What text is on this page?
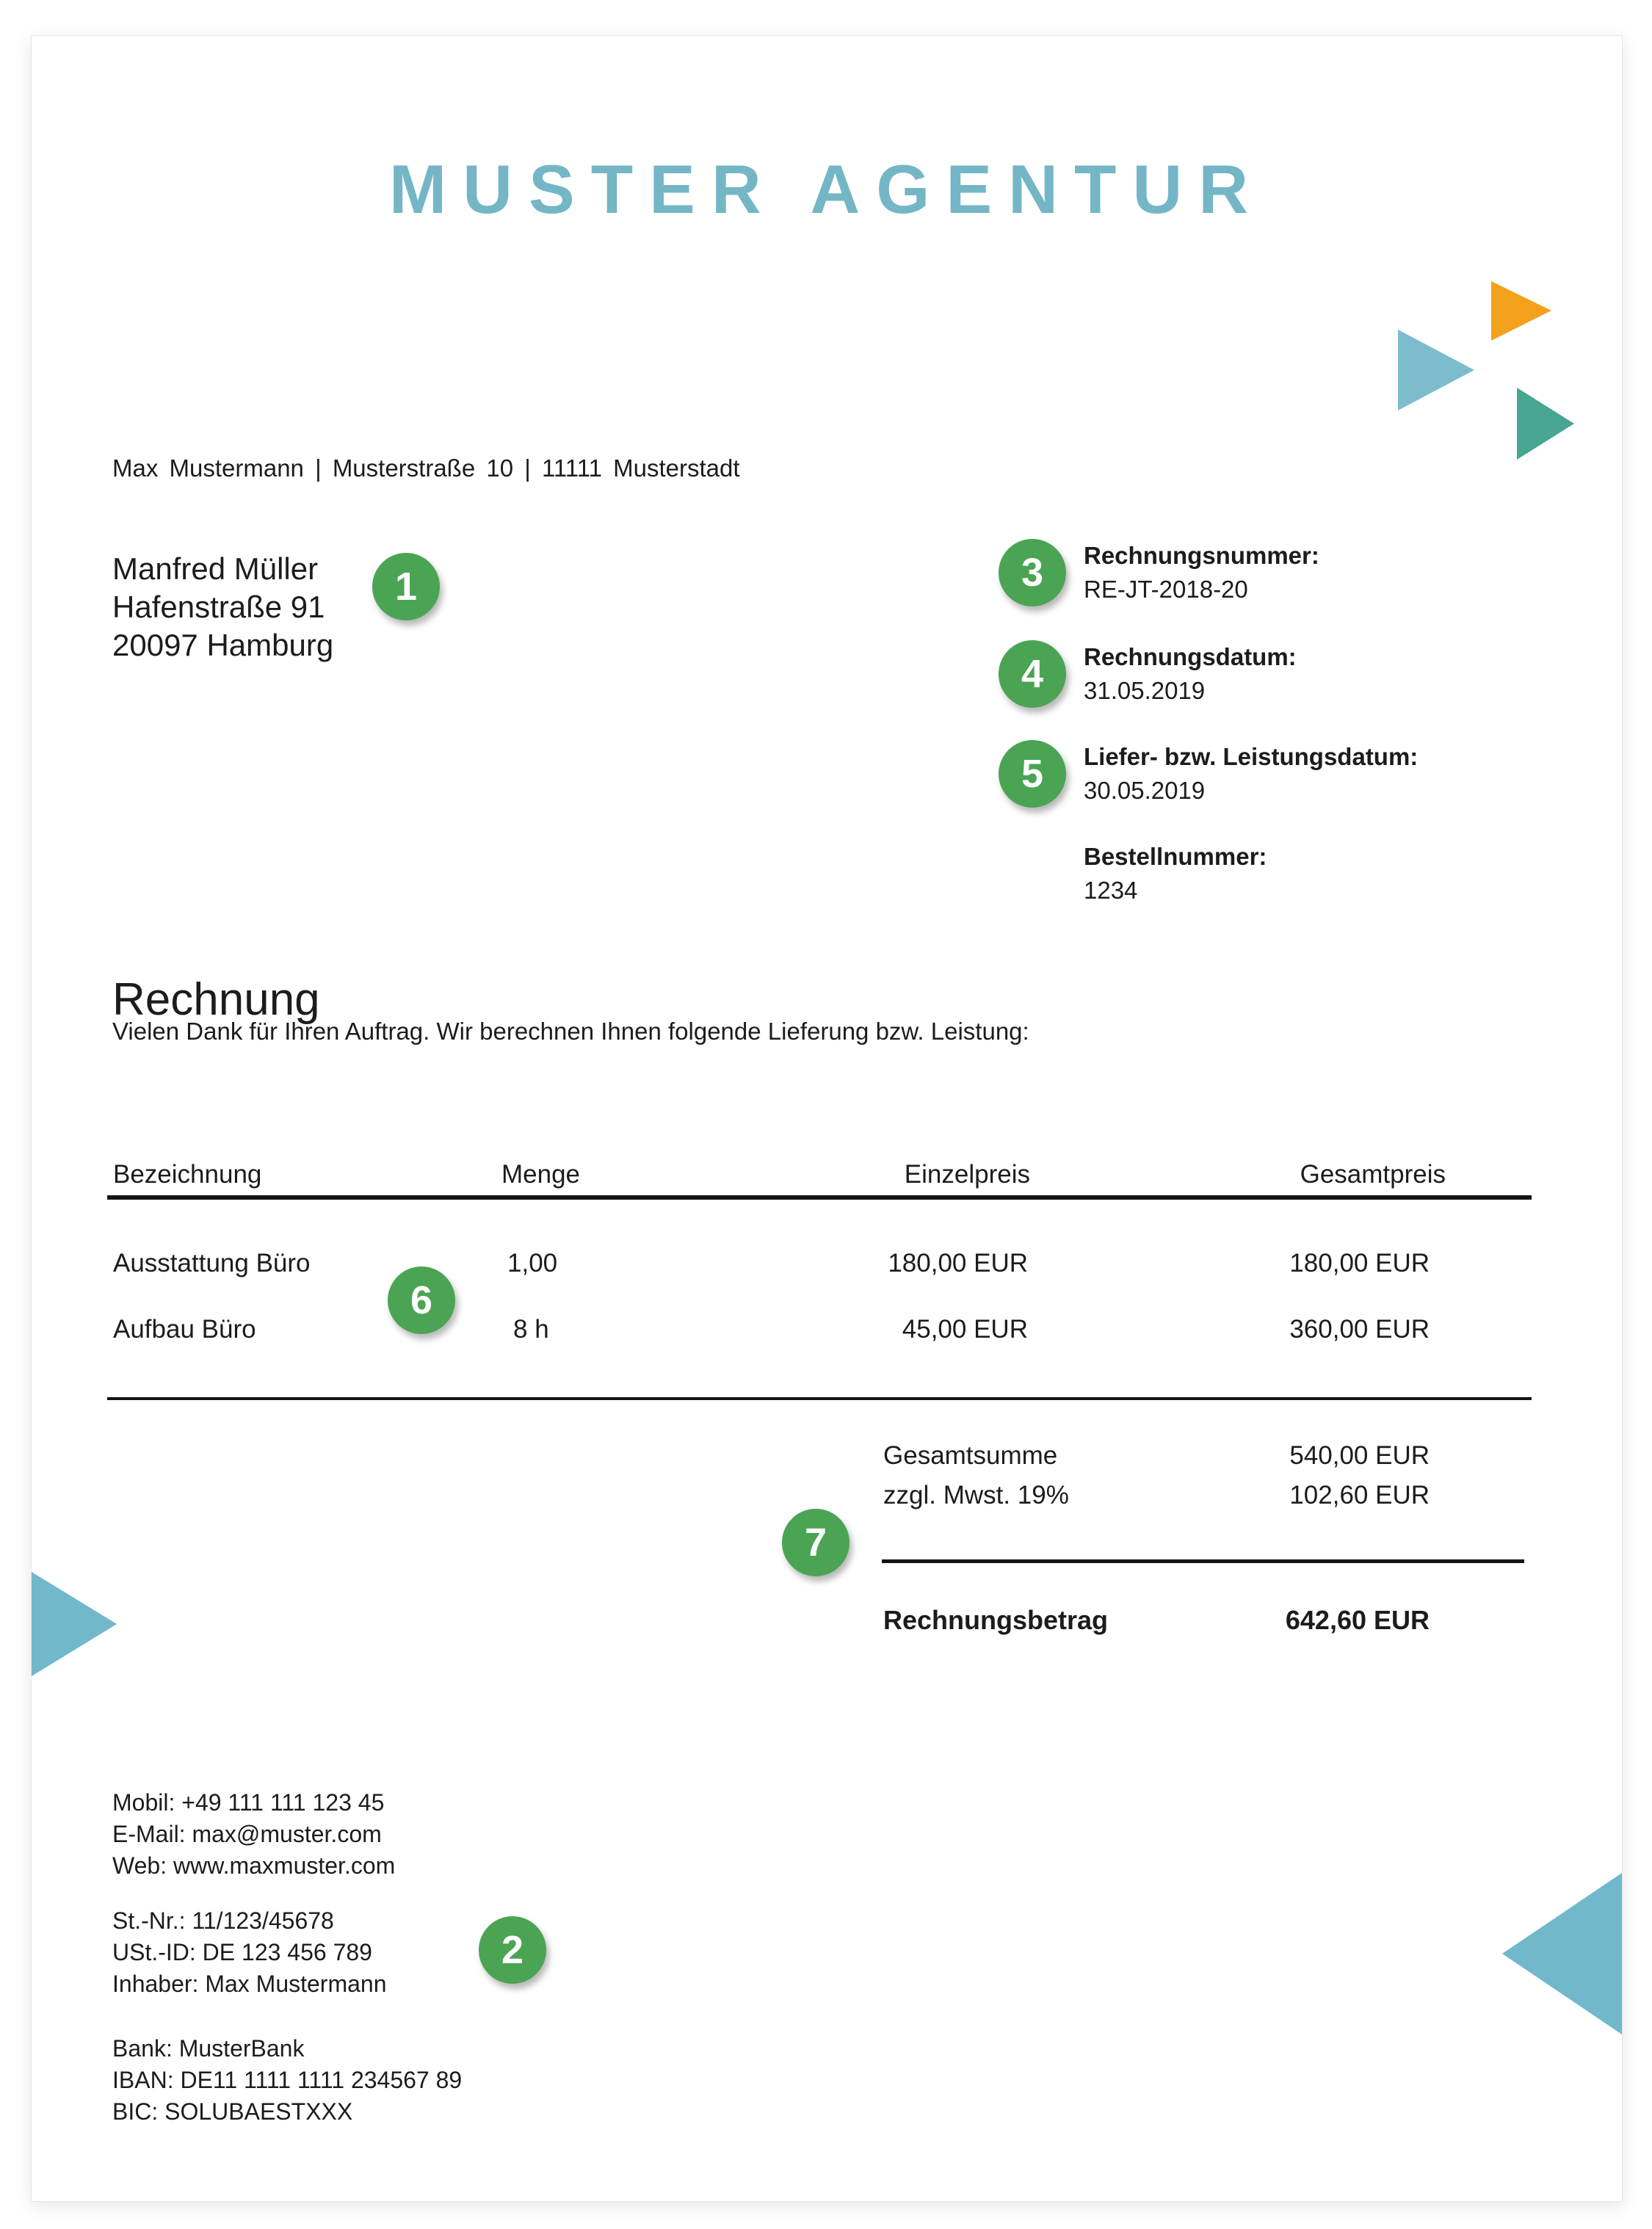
MUSTER AGENTUR
Max Mustermann | Musterstraße 10 | 11111 Musterstadt
Manfred Müller
Hafenstraße 91
20097 Hamburg
1	3	Rechnungsnummer:
RE-JT-2018-20
4	Rechnungsdatum:
31.05.2019
5	Liefer- bzw. Leistungsdatum:
30.05.2019
Bestellnummer:
1234
Rechnung
Vielen Dank für Ihren Auftrag. Wir berechnen Ihnen folgende Lieferung bzw. Leistung:
Bezeichnung	Menge	Einzelpreis	Gesamtpreis
Ausstattung Büro	1,00	180,00 EUR	180,00 EUR
6
Aufbau Büro	8 h	45,00 EUR	360,00 EUR
Gesamtsumme	540,00 EUR
zzgl. Mwst. 19%	102,60 EUR
7
Rechnungsbetrag	642,60 EUR
Mobil: +49 111 111 123 45
E-Mail: max@muster.com
Web: www.maxmuster.com
St.-Nr.: 11/123/45678
USt.-ID: DE 123 456 789
Inhaber: Max Mustermann
2
Bank: MusterBank
IBAN: DE11 1111 1111 234567 89
BIC: SOLUBAESTXXX
